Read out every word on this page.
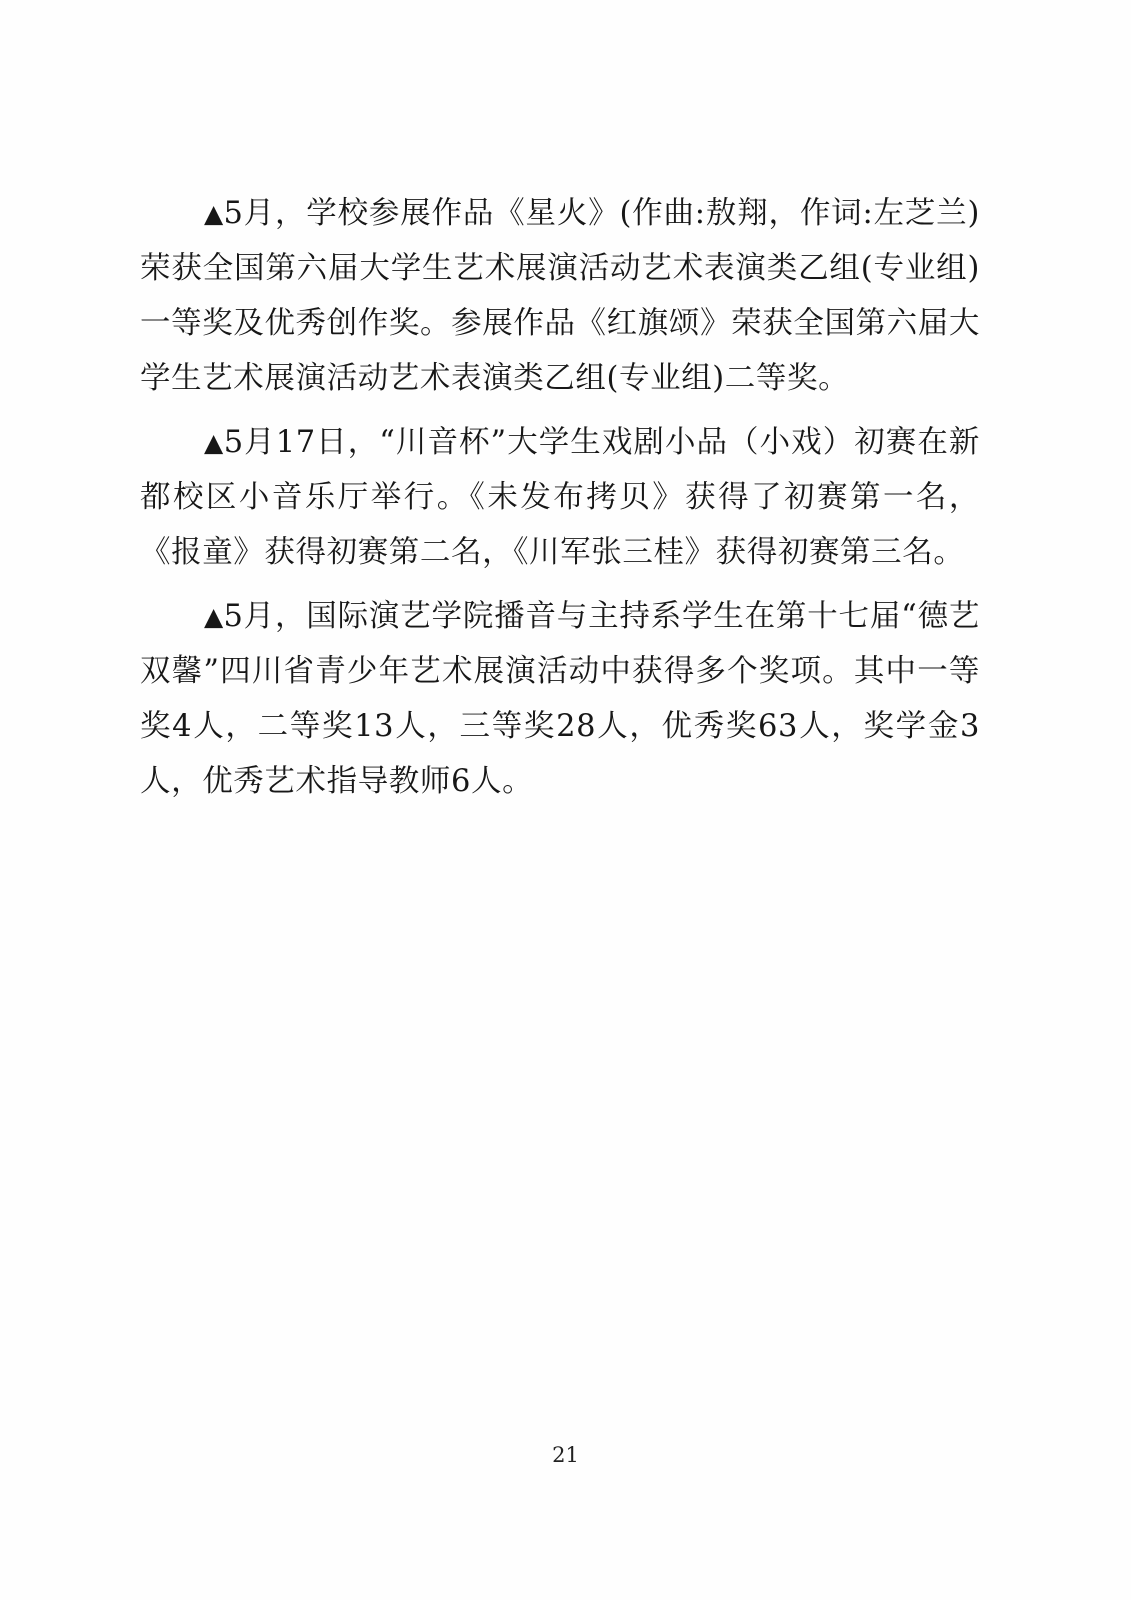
▲5月，学校参展作品《星火》(作曲:敖翔，作词:左芝兰)荣获全国第六届大学生艺术展演活动艺术表演类乙组(专业组)一等奖及优秀创作奖。参展作品《红旗颂》荣获全国第六届大学生艺术展演活动艺术表演类乙组(专业组)二等奖。

▲5月17日，“川音杯”大学生戏剧小品（小戏）初赛在新都校区小音乐厅举行。《未发布拷贝》获得了初赛第一名，《报童》获得初赛第二名，《川军张三桂》获得初赛第三名。

▲5月，国际演艺学院播音与主持系学生在第十七届“德艺双馨”四川省青少年艺术展演活动中获得多个奖项。其中一等奖4人，二等奖13人，三等奖28人，优秀奖63人，奖学金3人，优秀艺术指导教师6人。

21
